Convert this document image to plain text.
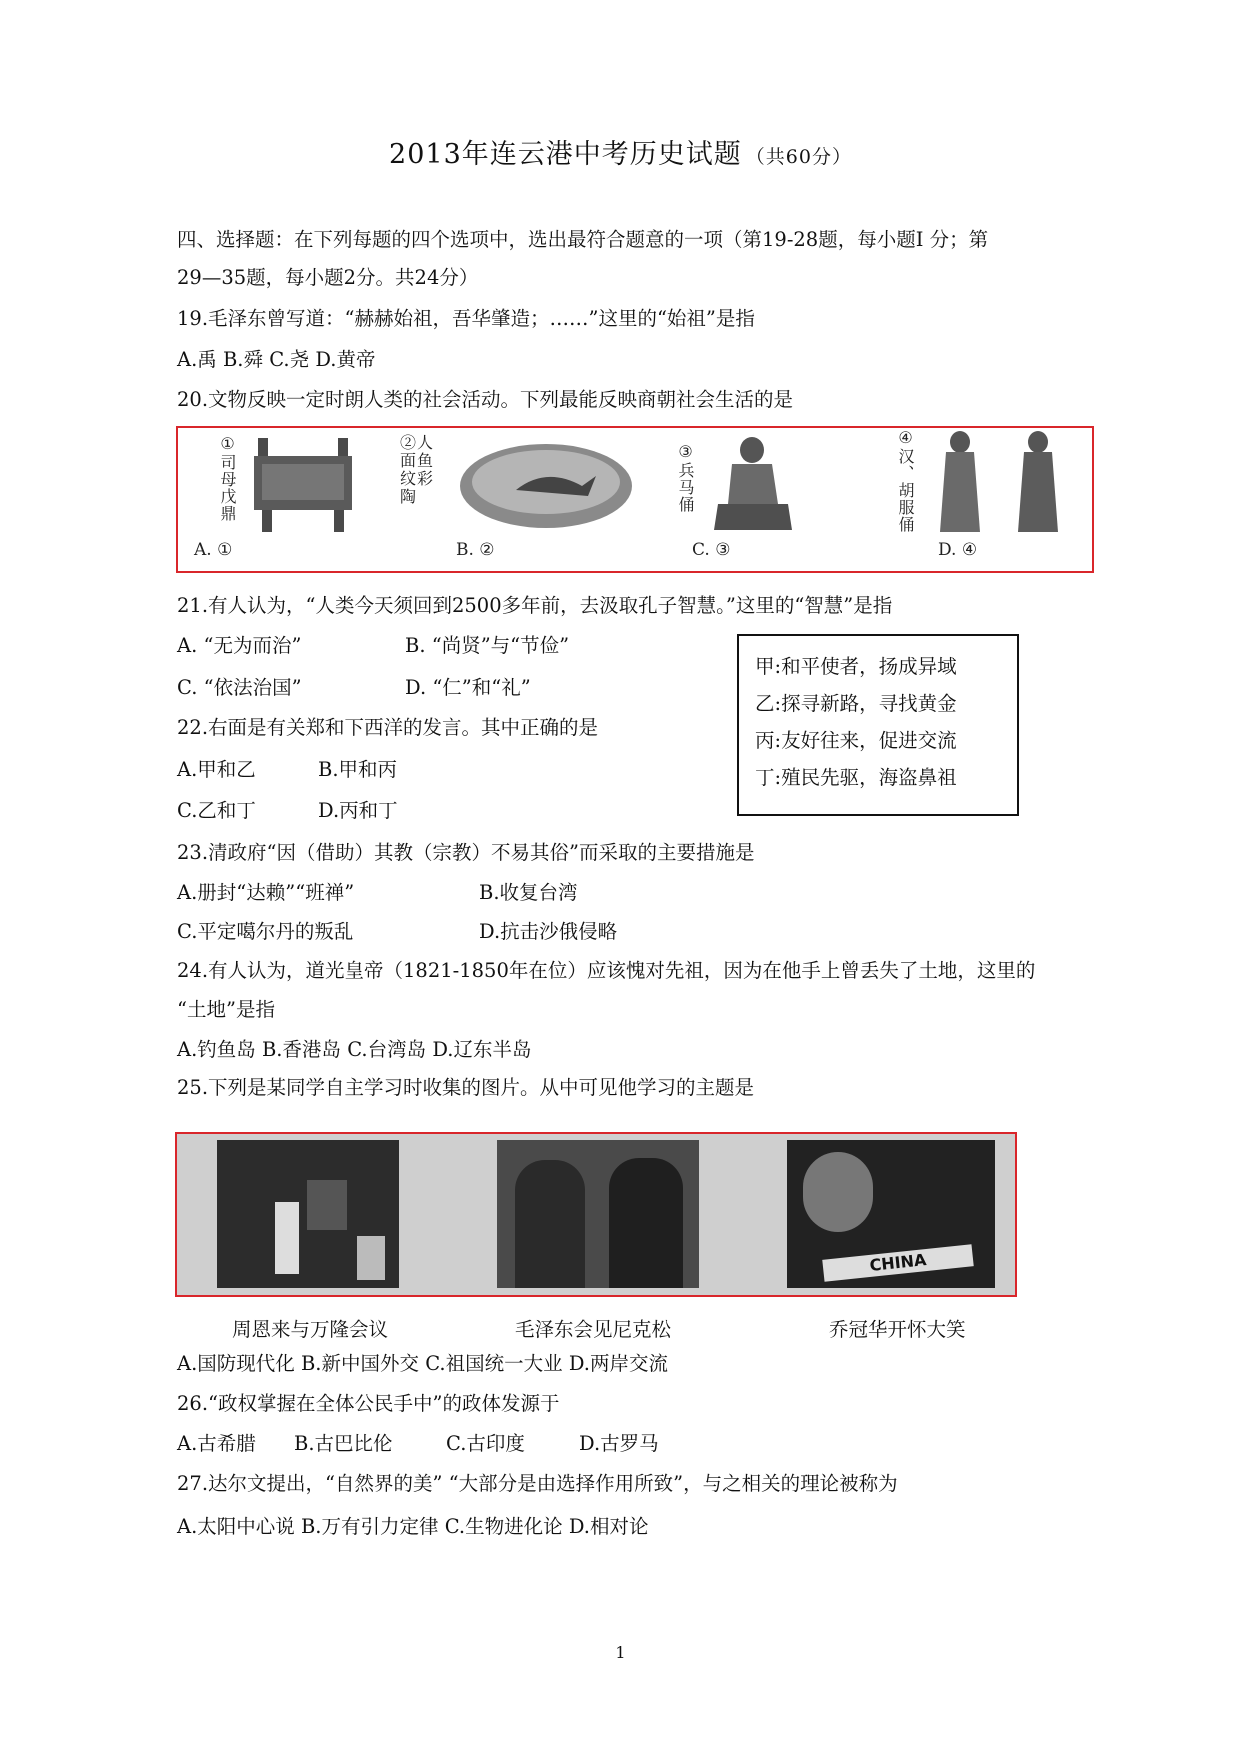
2013年连云港中考历史试题 （共60分）
四、选择题：在下列每题的四个选项中，选出最符合题意的一项（第19-28题，每小题I 分；第
29—35题，每小题2分。共24分）
19.毛泽东曾写道：“赫赫始祖，吾华肇造；……”这里的“始祖”是指
A.禹 B.舜 C.尧 D.黄帝
20.文物反映一定时朗人类的社会活动。下列最能反映商朝社会生活的是
①司母戊鼎
A. ①
②人面鱼纹彩陶
B. ②
③兵马俑
C. ③
④汉、胡服俑
D. ④
21.有人认为，“人类今天须回到2500多年前，去汲取孔子智慧。”这里的“智慧”是指
A. “无为而治”	B. “尚贤”与“节俭”
C. “依法治国”	D. “仁”和“礼”
22.右面是有关郑和下西洋的发言。其中正确的是
A.甲和乙	B.甲和丙
C.乙和丁	D.丙和丁
甲:和平使者，扬成异域
乙:探寻新路，寻找黄金
丙:友好往来，促进交流
丁:殖民先驱，海盗鼻祖
23.清政府“因（借助）其教（宗教）不易其俗”而采取的主要措施是
A.册封“达赖”“班禅”	B.收复台湾
C.平定噶尔丹的叛乱	D.抗击沙俄侵略
24.有人认为，道光皇帝（1821-1850年在位）应该愧对先祖，因为在他手上曾丢失了土地，这里的
“土地”是指
A.钓鱼岛 B.香港岛 C.台湾岛 D.辽东半岛
25.下列是某同学自主学习时收集的图片。从中可见他学习的主题是
CHINA
周恩来与万隆会议	毛泽东会见尼克松	乔冠华开怀大笑
A.国防现代化 B.新中国外交 C.祖国统一大业 D.两岸交流
26.“政权掌握在全体公民手中”的政体发源于
A.古希腊 B.古巴比伦	C.古印度	D.古罗马
27.达尔文提出，“自然界的美” “大部分是由选择作用所致”，与之相关的理论被称为
A.太阳中心说 B.万有引力定律 C.生物进化论 D.相对论
1
